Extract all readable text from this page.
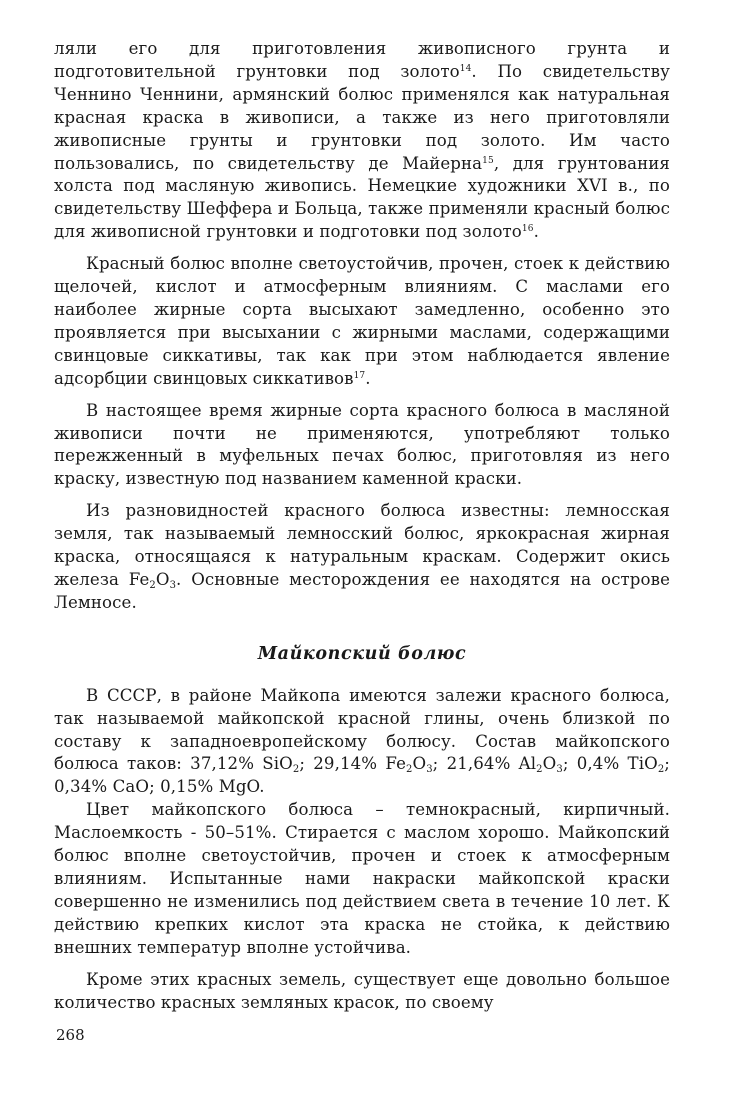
ляли его для приготовления живописного грунта и подготовительной грунтовки под золото$^{14}$. По свидетельству Ченнино Ченнини, армянский болюс применялся как натуральная красная краска в живописи, а также из него приготовляли живописные грунты и грунтовки под золото. Им часто пользовались, по свидетельству де Майерна$^{15}$, для грунтования холста под масляную живопись. Немецкие художники XVI в., по свидетельству Шеффера и Больца, также применяли красный болюс для живописной грунтовки и подготовки под золото$^{16}$.

Красный болюс вполне светоустойчив, прочен, стоек к действию щелочей, кислот и атмосферным влияниям. С маслами его наиболее жирные сорта высыхают замедленно, особенно это проявляется при высыхании с жирными маслами, содержащими свинцовые сиккативы, так как при этом наблюдается явление адсорбции свинцовых сиккативов$^{17}$.

В настоящее время жирные сорта красного болюса в масляной живописи почти не применяются, употребляют только пережженный в муфельных печах болюс, приготовляя из него краску, известную под названием каменной краски.

Из разновидностей красного болюса известны: лемносская земля, так называемый лемносский болюс, яркокрасная жирная краска, относящаяся к натуральным краскам. Содержит окись железа $Fe_2O_3$. Основные месторождения ее находятся на острове Лемносе.

Майкопский болюс

В СССР, в районе Майкопа имеются залежи красного болюса, так называемой майкопской красной глины, очень близкой по составу к западноевропейскому болюсу. Состав майкопского болюса таков: 37,12% SiO$_2$; 29,14% $Fe_2O_3$; 21,64% $Al_2O_3$; 0,4% TiO$_2$; 0,34% CaO; 0,15% MgO.

Цвет майкопского болюса – темнокрасный, кирпичный. Маслоемкость - 50–51%. Стирается с маслом хорошо. Майкопский болюс вполне светоустойчив, прочен и стоек к атмосферным влияниям. Испытанные нами накраски майкопской краски совершенно не изменились под действием света в течение 10 лет. К действию крепких кислот эта краска не стойка, к действию внешних температур вполне устойчива.

Кроме этих красных земель, существует еще довольно большое количество красных земляных красок, по своему

268
